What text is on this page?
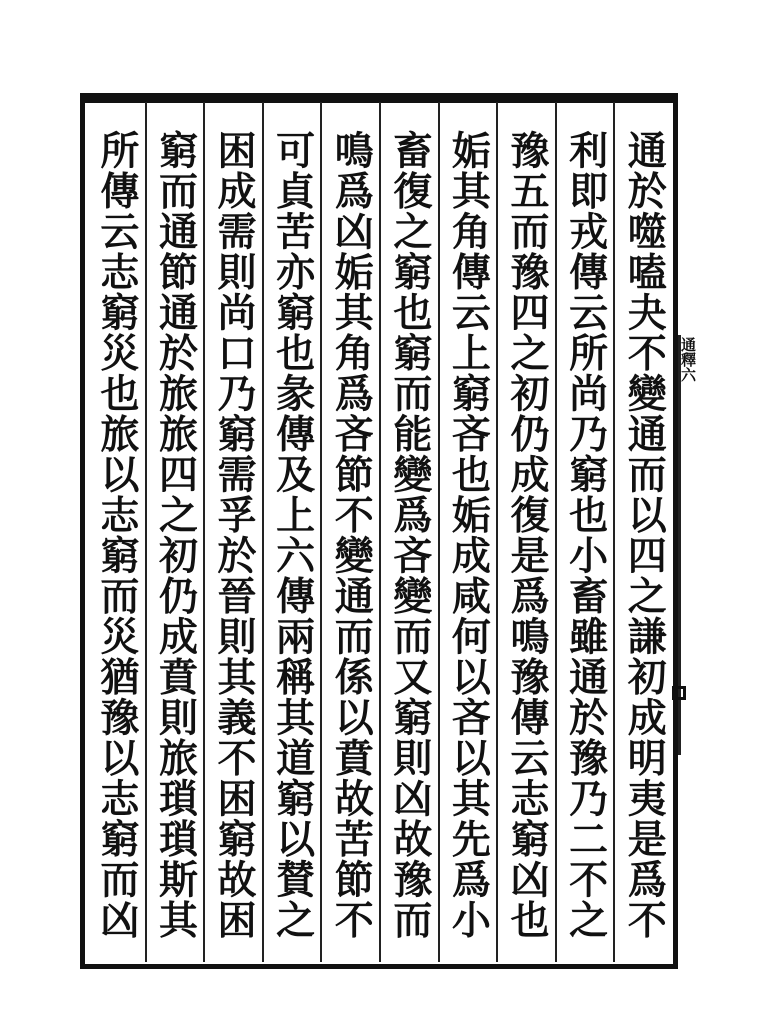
通於噬嗑夬不變通而以四之謙初成明夷是爲不
利即戎傳云所尚乃窮也小畜雖通於豫乃二不之
豫五而豫四之初仍成復是爲鳴豫傳云志窮凶也
姤其角傳云上窮吝也姤成咸何以吝以其先爲小
畜復之窮也窮而能變爲吝變而又窮則凶故豫而
鳴爲凶姤其角爲吝節不變通而係以賁故苦節不
可貞苦亦窮也彖傳及上六傳兩稱其道窮以賛之
困成需則尚口乃窮需孚於晉則其義不困窮故困
窮而通節通於旅旅四之初仍成賁則旅瑣瑣斯其
所傳云志窮災也旅以志窮而災猶豫以志窮而凶	通釋六
